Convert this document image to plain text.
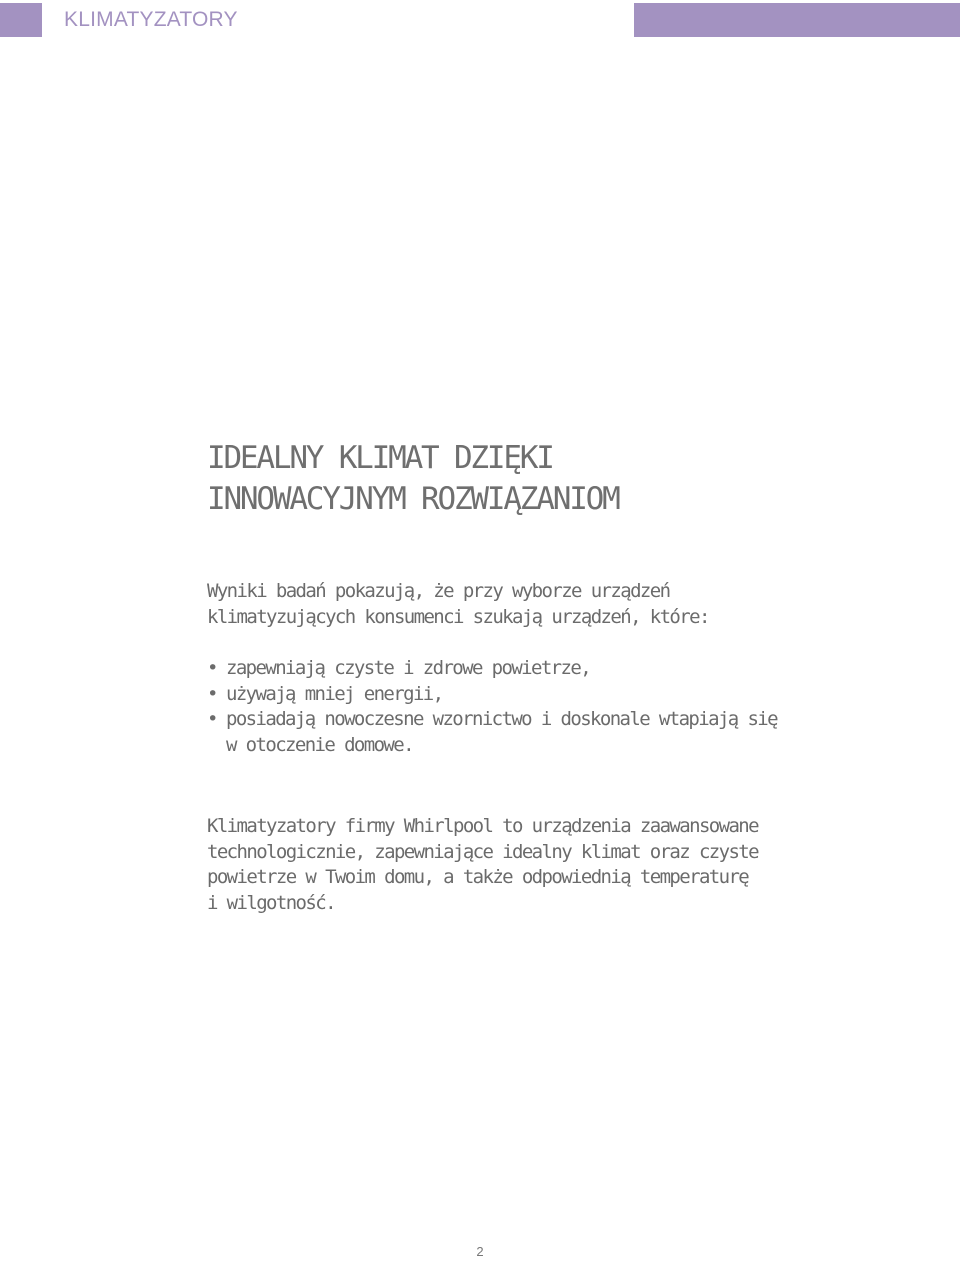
KLIMATYZATORY
IDEALNY KLIMAT DZIĘKI
INNOWACYJNYM ROZWIĄZANIOM
Wyniki badań pokazują, że przy wyborze urządzeń
klimatyzujących konsumenci szukają urządzeń, które:
• zapewniają czyste i zdrowe powietrze,
• używają mniej energii,
• posiadają nowoczesne wzornictwo i doskonale wtapiają się
w otoczenie domowe.
Klimatyzatory firmy Whirlpool to urządzenia zaawansowane
technologicznie, zapewniające idealny klimat oraz czyste
powietrze w Twoim domu, a także odpowiednią temperaturę
i wilgotność.
2
